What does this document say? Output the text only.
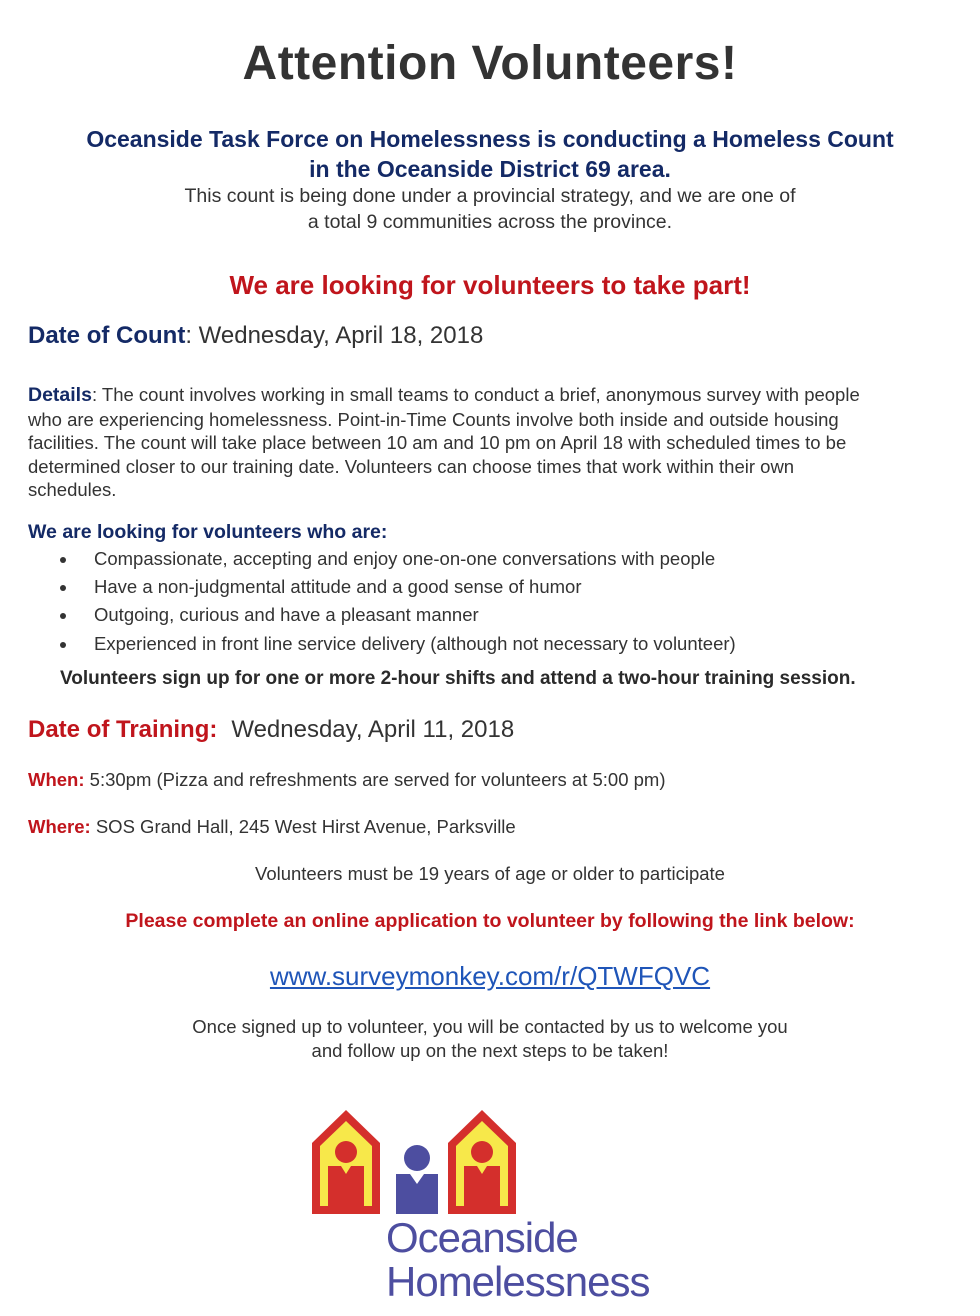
Attention Volunteers!
Oceanside Task Force on Homelessness is conducting a Homeless Count
in the Oceanside District 69 area.
This count is being done under a provincial strategy, and we are one of
a total 9 communities across the province.
We are looking for volunteers to take part!
Date of Count: Wednesday, April 18, 2018
Details: The count involves working in small teams to conduct a brief, anonymous survey with people
who are experiencing homelessness. Point-in-Time Counts involve both inside and outside housing
facilities. The count will take place between 10 am and 10 pm on April 18 with scheduled times to be
determined closer to our training date. Volunteers can choose times that work within their own
schedules.
We are looking for volunteers who are:
Compassionate, accepting and enjoy one-on-one conversations with people
Have a non-judgmental attitude and a good sense of humor
Outgoing, curious and have a pleasant manner
Experienced in front line service delivery (although not necessary to volunteer)
Volunteers sign up for one or more 2-hour shifts and attend a two-hour training session.
Date of Training: Wednesday, April 11, 2018
When: 5:30pm (Pizza and refreshments are served for volunteers at 5:00 pm)
Where: SOS Grand Hall, 245 West Hirst Avenue, Parksville
Volunteers must be 19 years of age or older to participate
Please complete an online application to volunteer by following the link below:
www.surveymonkey.com/r/QTWFQVC
Once signed up to volunteer, you will be contacted by us to welcome you
and follow up on the next steps to be taken!
Oceanside
Homelessness
